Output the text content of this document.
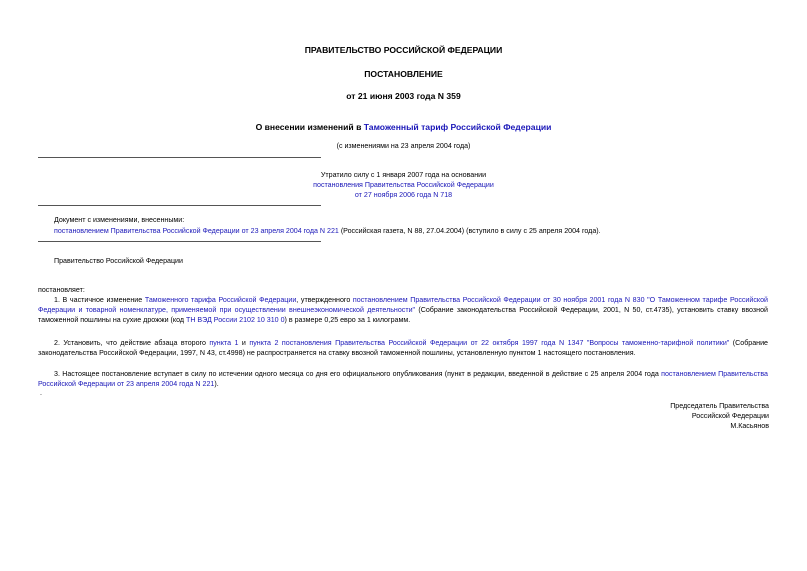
ПРАВИТЕЛЬСТВО РОССИЙСКОЙ ФЕДЕРАЦИИ
ПОСТАНОВЛЕНИЕ
от 21 июня 2003 года N 359
О внесении изменений в Таможенный тариф Российской Федерации
(с изменениями на 23 апреля 2004 года)
Утратило силу с 1 января 2007 года на основании
постановления Правительства Российской Федерации
от 27 ноября 2006 года N 718
Документ с изменениями, внесенными:
постановлением Правительства Российской Федерации от 23 апреля 2004 года N 221 (Российская газета, N 88, 27.04.2004) (вступило в силу с 25 апреля 2004 года).
Правительство Российской Федерации
постановляет:
1. В частичное изменение Таможенного тарифа Российской Федерации, утвержденного постановлением Правительства Российской Федерации от 30 ноября 2001 года N 830 "О Таможенном тарифе Российской Федерации и товарной номенклатуре, применяемой при осуществлении внешнеэкономической деятельности" (Собрание законодательства Российской Федерации, 2001, N 50, ст.4735), установить ставку ввозной таможенной пошлины на сухие дрожжи (код ТН ВЭД России 2102 10 310 0) в размере 0,25 евро за 1 килограмм.
2. Установить, что действие абзаца второго пункта 1 и пункта 2 постановления Правительства Российской Федерации от 22 октября 1997 года N 1347 "Вопросы таможенно-тарифной политики" (Собрание законодательства Российской Федерации, 1997, N 43, ст.4998) не распространяется на ставку ввозной таможенной пошлины, установленную пунктом 1 настоящего постановления.
3. Настоящее постановление вступает в силу по истечении одного месяца со дня его официального опубликования (пункт в редакции, введенной в действие с 25 апреля 2004 года постановлением Правительства Российской Федерации от 23 апреля 2004 года N 221).
.
Председатель Правительства
Российской Федерации
М.Касьянов
